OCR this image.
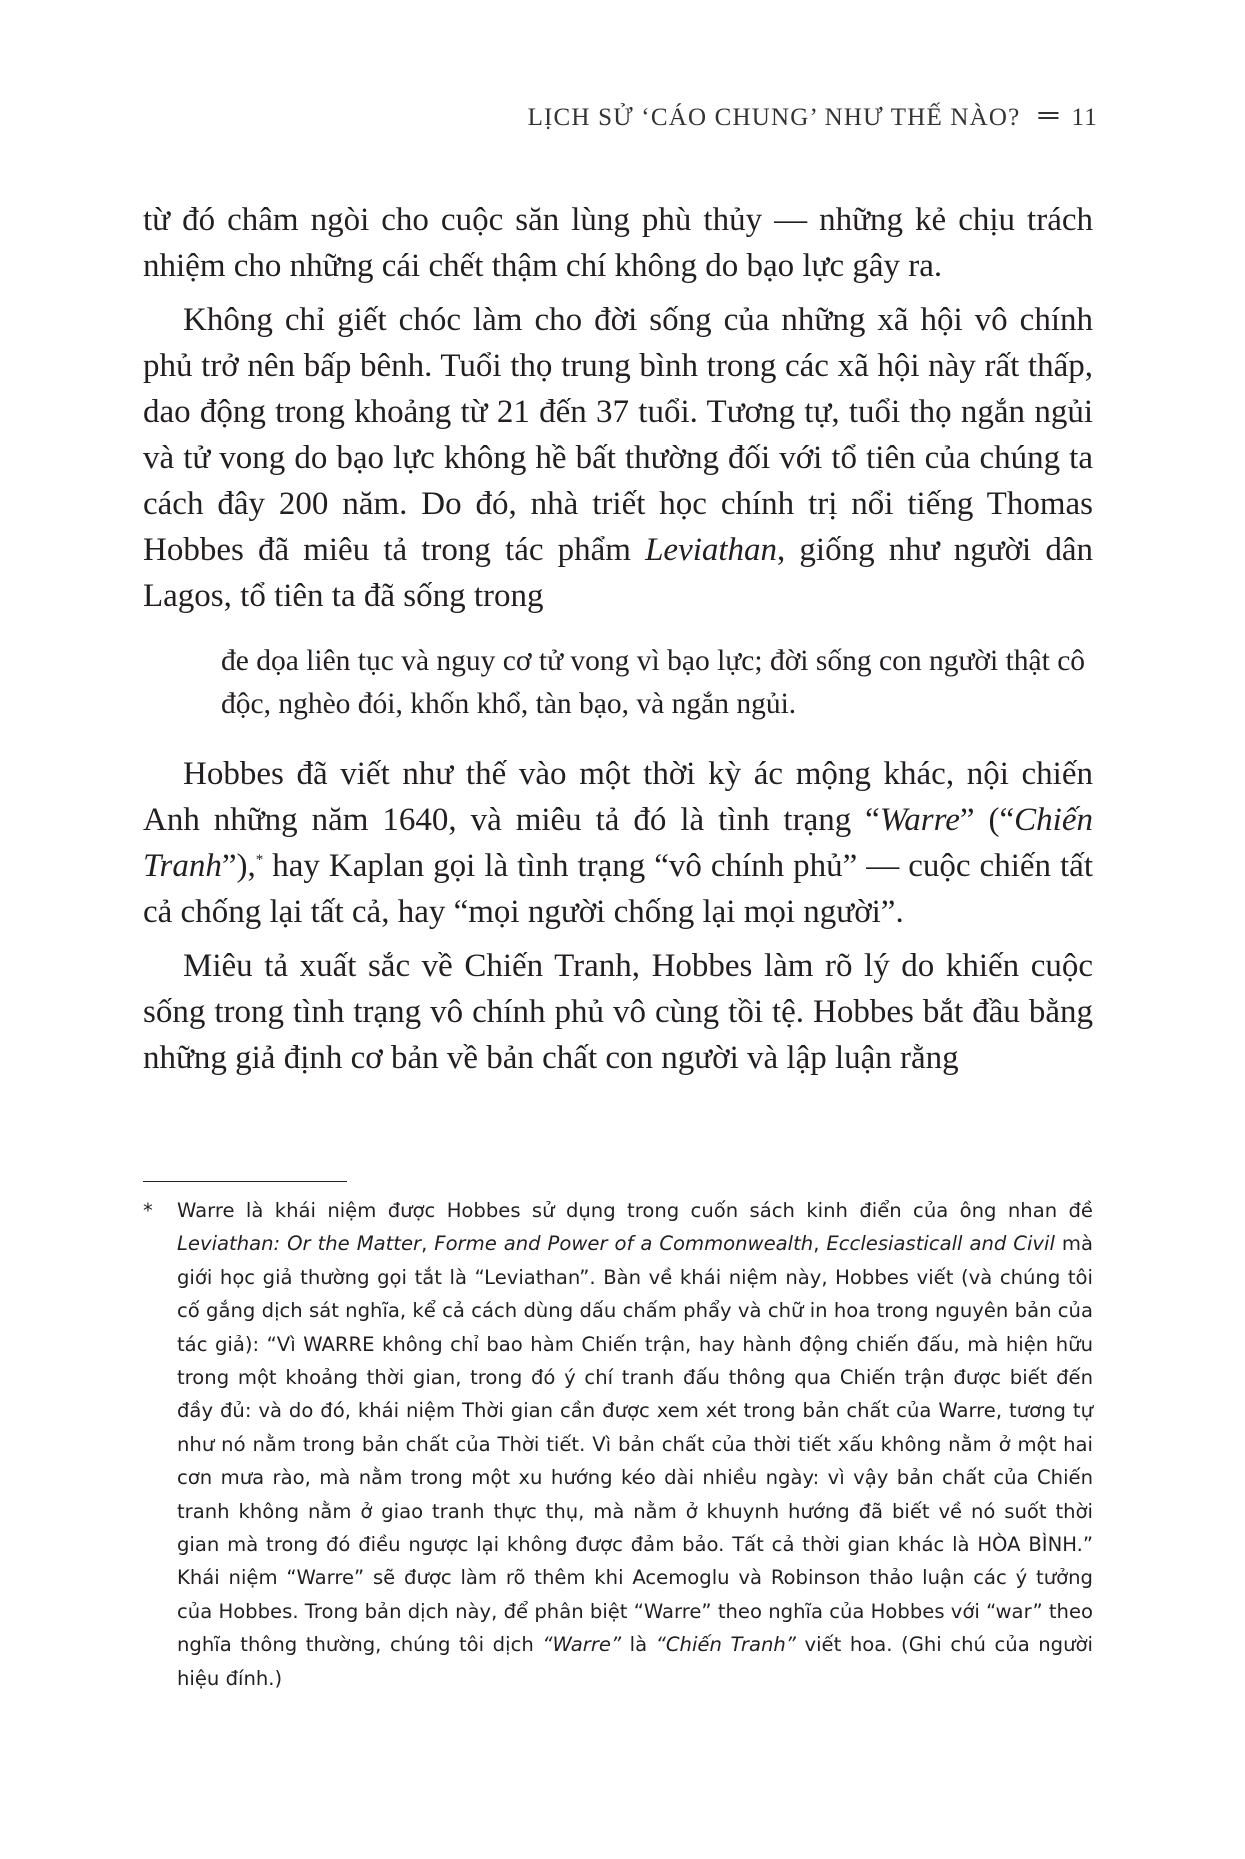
LỊCH SỬ ‘CÁO CHUNG’ NHƯ THẾ NÀO? ═ 11

từ đó châm ngòi cho cuộc săn lùng phù thủy — những kẻ chịu trách nhiệm cho những cái chết thậm chí không do bạo lực gây ra.

Không chỉ giết chóc làm cho đời sống của những xã hội vô chính phủ trở nên bấp bênh. Tuổi thọ trung bình trong các xã hội này rất thấp, dao động trong khoảng từ 21 đến 37 tuổi. Tương tự, tuổi thọ ngắn ngủi và tử vong do bạo lực không hề bất thường đối với tổ tiên của chúng ta cách đây 200 năm. Do đó, nhà triết học chính trị nổi tiếng Thomas Hobbes đã miêu tả trong tác phẩm Leviathan, giống như người dân Lagos, tổ tiên ta đã sống trong

đe dọa liên tục và nguy cơ tử vong vì bạo lực; đời sống con người thật cô độc, nghèo đói, khốn khổ, tàn bạo, và ngắn ngủi.

Hobbes đã viết như thế vào một thời kỳ ác mộng khác, nội chiến Anh những năm 1640, và miêu tả đó là tình trạng “Warre” (“Chiến Tranh”),* hay Kaplan gọi là tình trạng “vô chính phủ” — cuộc chiến tất cả chống lại tất cả, hay “mọi người chống lại mọi người”.

Miêu tả xuất sắc về Chiến Tranh, Hobbes làm rõ lý do khiến cuộc sống trong tình trạng vô chính phủ vô cùng tồi tệ. Hobbes bắt đầu bằng những giả định cơ bản về bản chất con người và lập luận rằng

* Warre là khái niệm được Hobbes sử dụng trong cuốn sách kinh điển của ông nhan đề Leviathan: Or the Matter, Forme and Power of a Commonwealth, Ecclesiasticall and Civil mà giới học giả thường gọi tắt là “Leviathan”. Bàn về khái niệm này, Hobbes viết (và chúng tôi cố gắng dịch sát nghĩa, kể cả cách dùng dấu chấm phẩy và chữ in hoa trong nguyên bản của tác giả): “Vì WARRE không chỉ bao hàm Chiến trận, hay hành động chiến đấu, mà hiện hữu trong một khoảng thời gian, trong đó ý chí tranh đấu thông qua Chiến trận được biết đến đầy đủ: và do đó, khái niệm Thời gian cần được xem xét trong bản chất của Warre, tương tự như nó nằm trong bản chất của Thời tiết. Vì bản chất của thời tiết xấu không nằm ở một hai cơn mưa rào, mà nằm trong một xu hướng kéo dài nhiều ngày: vì vậy bản chất của Chiến tranh không nằm ở giao tranh thực thụ, mà nằm ở khuynh hướng đã biết về nó suốt thời gian mà trong đó điều ngược lại không được đảm bảo. Tất cả thời gian khác là HÒA BÌNH.” Khái niệm “Warre” sẽ được làm rõ thêm khi Acemoglu và Robinson thảo luận các ý tưởng của Hobbes. Trong bản dịch này, để phân biệt “Warre” theo nghĩa của Hobbes với “war” theo nghĩa thông thường, chúng tôi dịch “Warre” là “Chiến Tranh” viết hoa. (Ghi chú của người hiệu đính.)
